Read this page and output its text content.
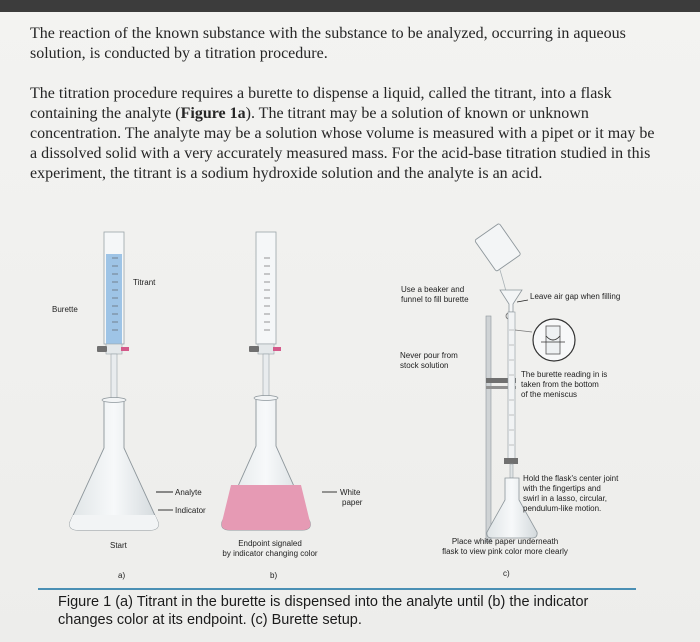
The reaction of the known substance with the substance to be analyzed, occurring in aqueous solution, is conducted by a titration procedure.

The titration procedure requires a burette to dispense a liquid, called the titrant, into a flask containing the analyte (Figure 1a). The titrant may be a solution of known or unknown concentration. The analyte may be a solution whose volume is measured with a pipet or it may be a dissolved solid with a very accurately measured mass. For the acid-base titration studied in this experiment, the titrant is a sodium hydroxide solution and the analyte is an acid.

Titrant
Burette
Analyte
Indicator
Start
a)
White
paper
Endpoint signaled
by indicator changing color
b)
Use a beaker and
funnel to fill burette	Leave air gap when filling
Never pour from
stock solution
The burette reading in is
taken from the bottom
of the meniscus
Hold the flask's center joint
with the fingertips and
swirl in a lasso, circular,
pendulum-like motion.
Place white paper underneath
flask to view pink color more clearly
c)
Figure 1 (a) Titrant in the burette is dispensed into the analyte until (b) the indicator changes color at its endpoint. (c) Burette setup.
